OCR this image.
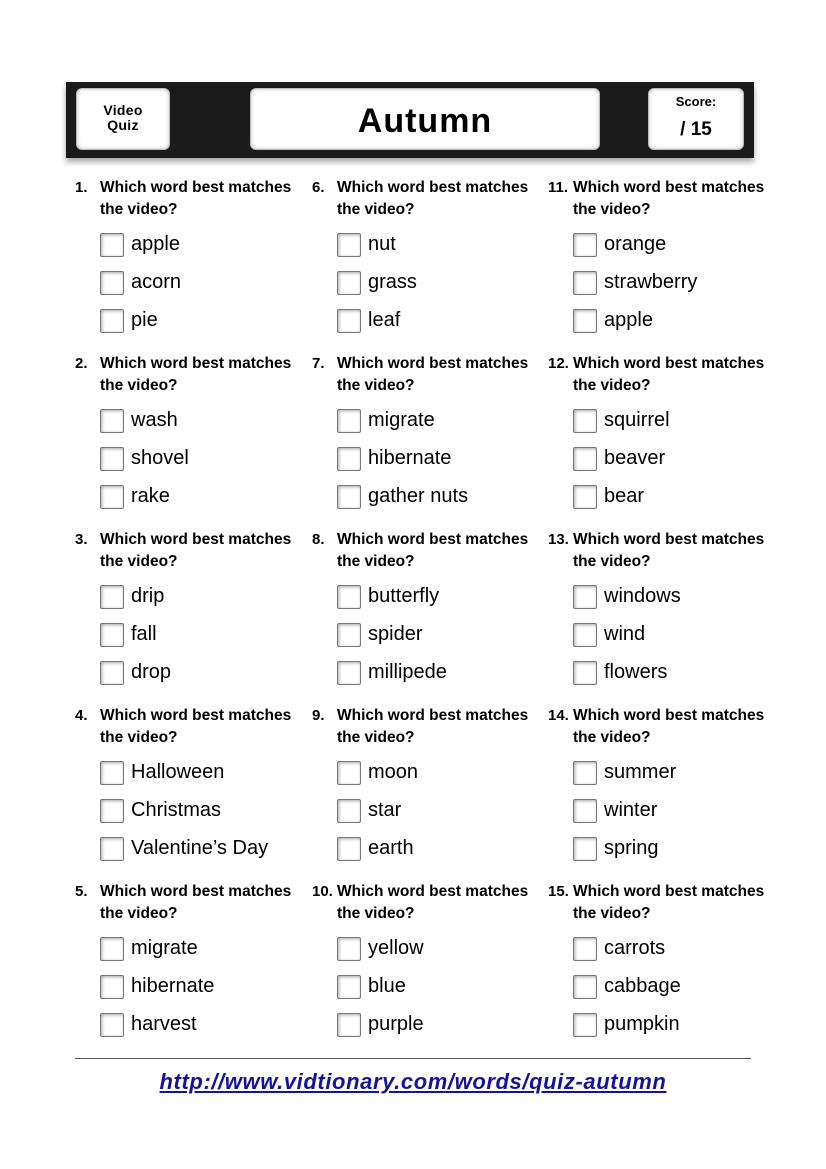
Video
Quiz	Autumn
Score:
/ 15
1. Which word best matches the video?
apple
acorn
pie
2. Which word best matches the video?
wash
shovel
rake
3. Which word best matches the video?
drip
fall
drop
4. Which word best matches the video?
Halloween
Christmas
Valentine’s Day
5. Which word best matches the video?
migrate
hibernate
harvest
6. Which word best matches the video?
nut
grass
leaf
7. Which word best matches the video?
migrate
hibernate
gather nuts
8. Which word best matches the video?
butterfly
spider
millipede
9. Which word best matches the video?
moon
star
earth
10. Which word best matches the video?
yellow
blue
purple
11. Which word best matches the video?
orange
strawberry
apple
12. Which word best matches the video?
squirrel
beaver
bear
13. Which word best matches the video?
windows
wind
flowers
14. Which word best matches the video?
summer
winter
spring
15. Which word best matches the video?
carrots
cabbage
pumpkin
http://www.vidtionary.com/words/quiz-autumn
